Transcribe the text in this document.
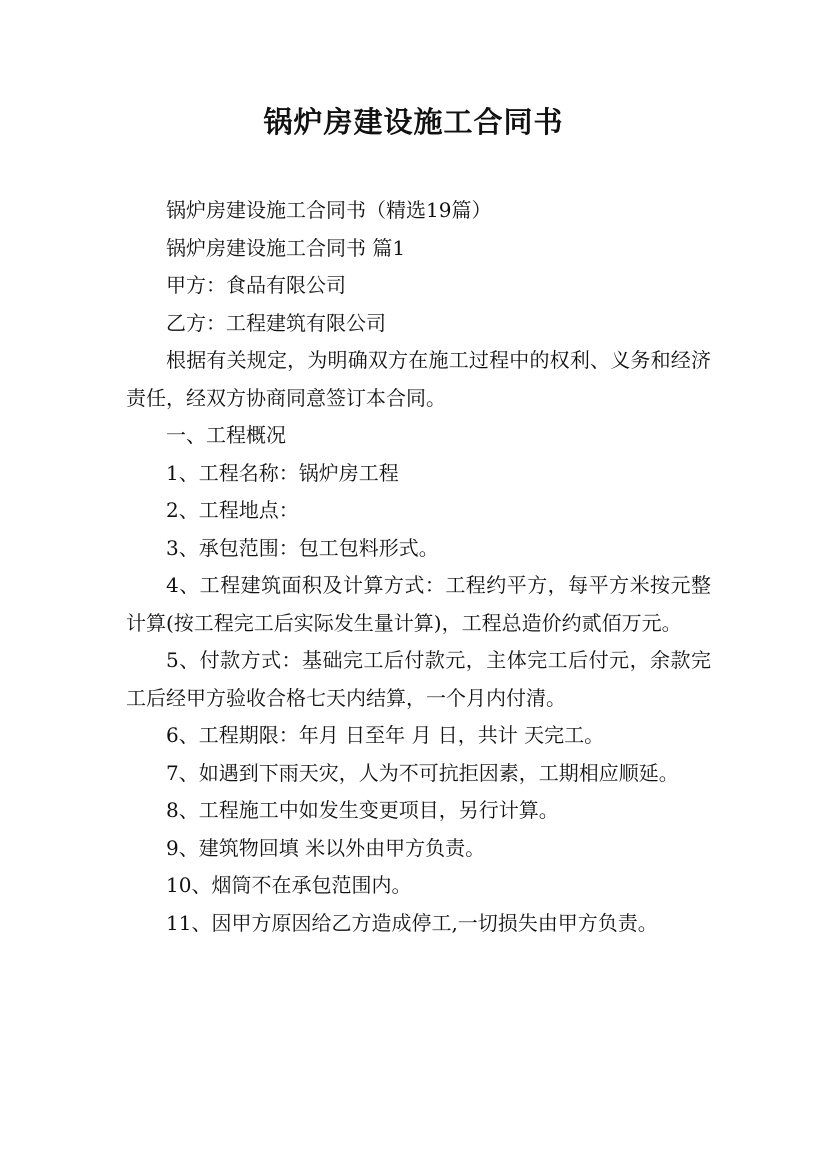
锅炉房建设施工合同书

锅炉房建设施工合同书（精选19篇）

锅炉房建设施工合同书 篇1

甲方：食品有限公司

乙方：工程建筑有限公司

根据有关规定，为明确双方在施工过程中的权利、义务和经济责任，经双方协商同意签订本合同。

一、工程概况

1、工程名称：锅炉房工程

2、工程地点：

3、承包范围：包工包料形式。

4、工程建筑面积及计算方式：工程约平方，每平方米按元整计算(按工程完工后实际发生量计算)，工程总造价约贰佰万元。

5、付款方式：基础完工后付款元，主体完工后付元，余款完工后经甲方验收合格七天内结算，一个月内付清。

6、工程期限：年月 日至年 月 日，共计 天完工。

7、如遇到下雨天灾，人为不可抗拒因素，工期相应顺延。

8、工程施工中如发生变更项目，另行计算。

9、建筑物回填 米以外由甲方负责。

10、烟筒不在承包范围内。

11、因甲方原因给乙方造成停工,一切损失由甲方负责。
